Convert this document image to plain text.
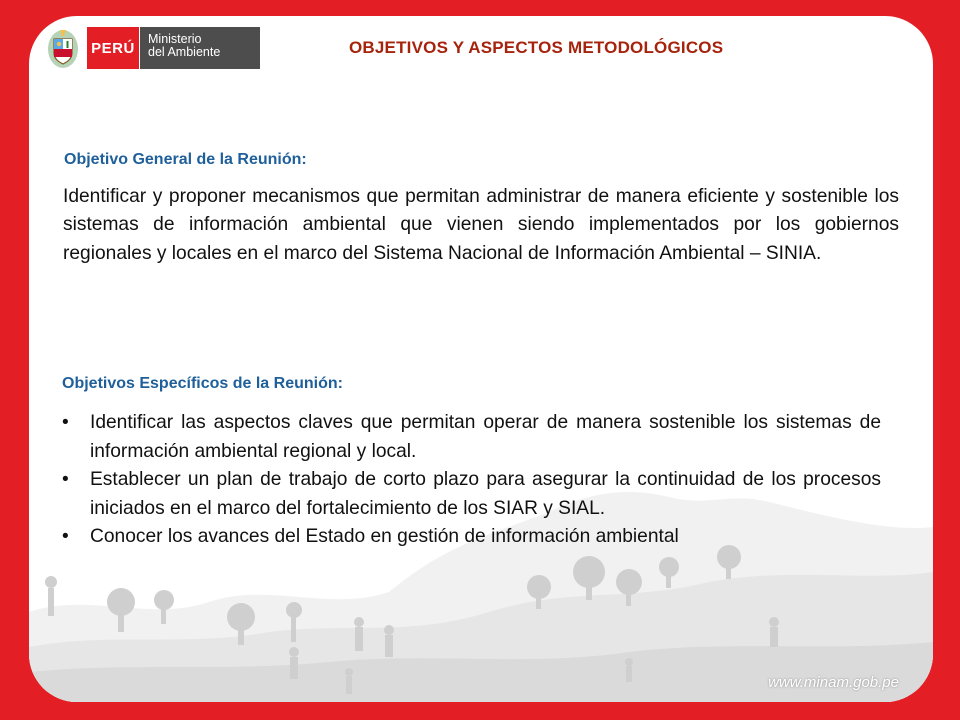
PERÚ
Ministerio
del Ambiente	OBJETIVOS Y ASPECTOS METODOLÓGICOS
Objetivo General de la Reunión:
Identificar y proponer mecanismos que permitan administrar de manera eficiente y sostenible los sistemas de información ambiental que vienen siendo implementados por los gobiernos regionales y locales en el marco del Sistema Nacional de Información Ambiental – SINIA.
Objetivos Específicos de la Reunión:
• Identificar las aspectos claves que permitan operar de manera sostenible los sistemas de información ambiental regional y local.
• Establecer un plan de trabajo de corto plazo para asegurar la continuidad de los procesos iniciados en el marco del fortalecimiento de los SIAR y SIAL.
• Conocer los avances del Estado en gestión de información ambiental
www.minam.gob.pe
